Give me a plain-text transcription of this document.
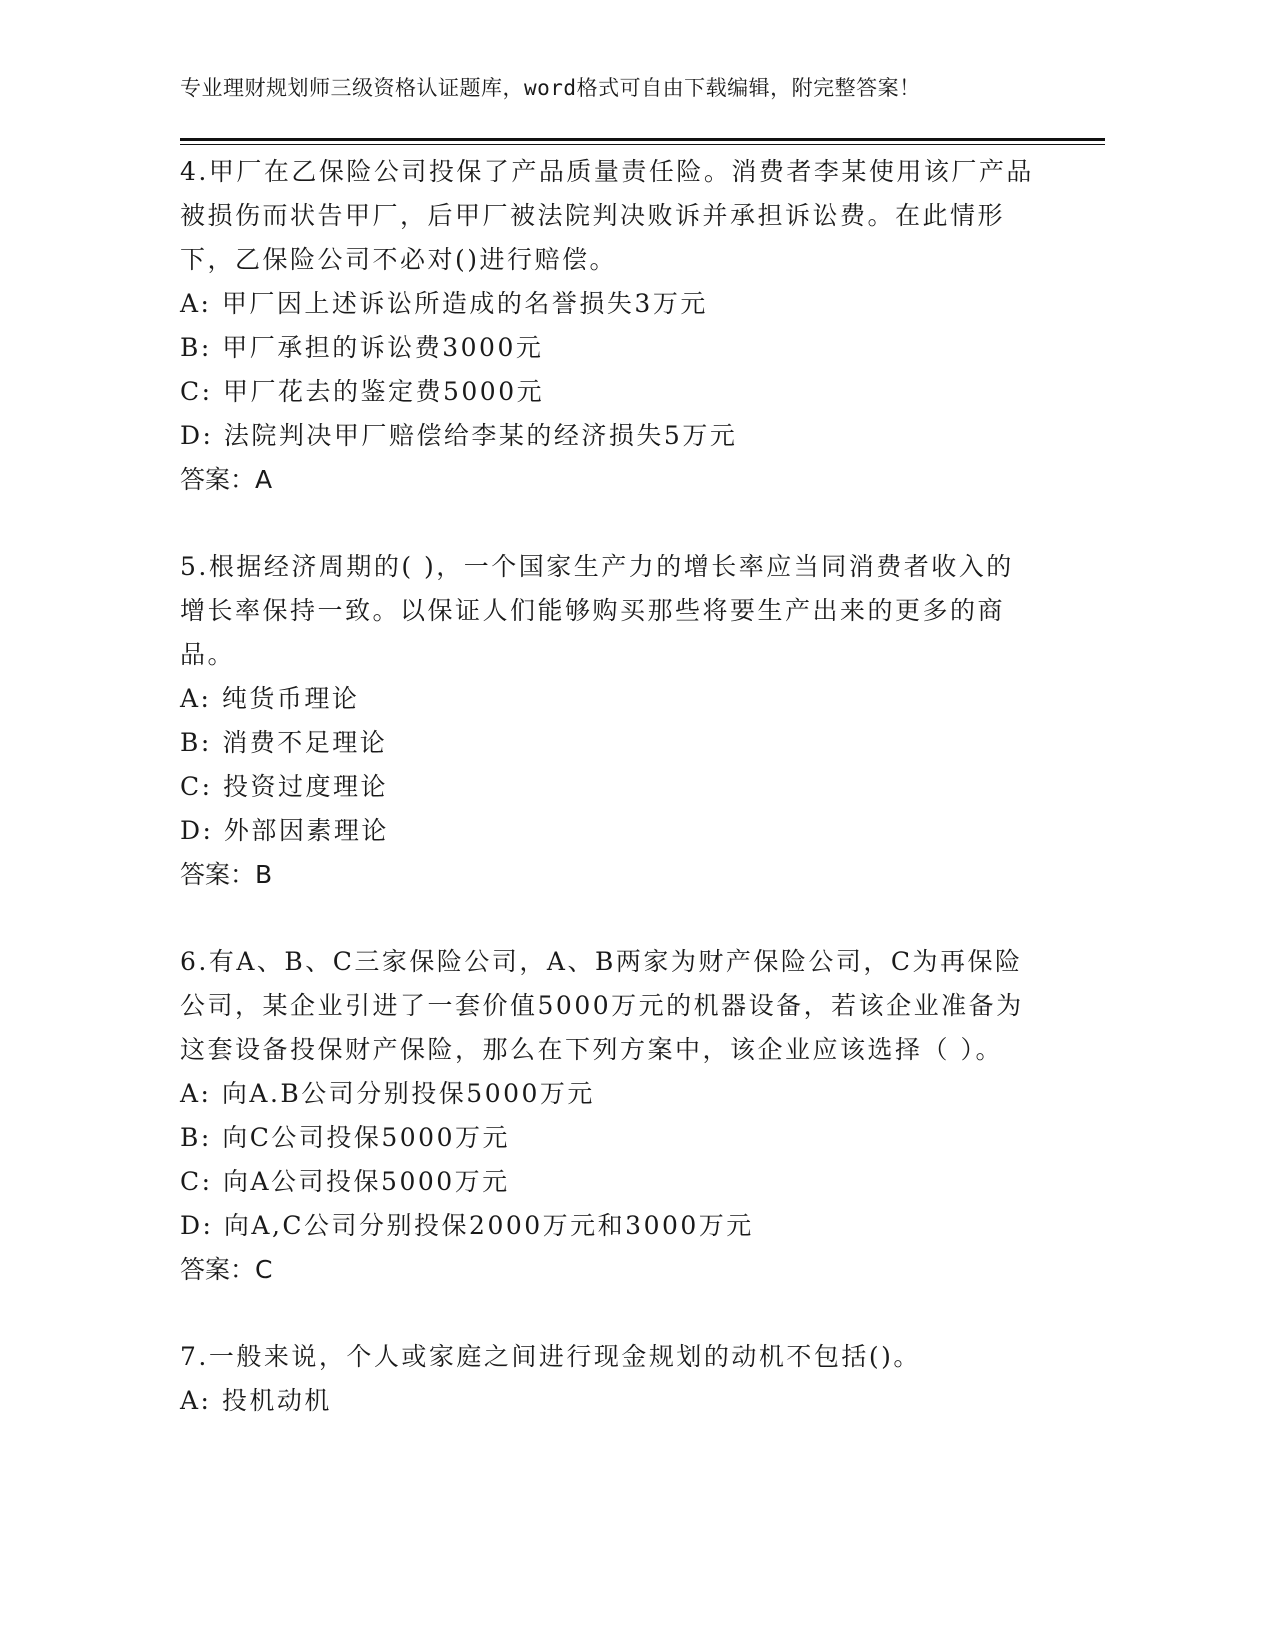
专业理财规划师三级资格认证题库，word格式可自由下载编辑，附完整答案！

4.甲厂在乙保险公司投保了产品质量责任险。消费者李某使用该厂产品被损伤而状告甲厂，后甲厂被法院判决败诉并承担诉讼费。在此情形下，乙保险公司不必对()进行赔偿。

A: 甲厂因上述诉讼所造成的名誉损失3万元

B: 甲厂承担的诉讼费3000元

C: 甲厂花去的鉴定费5000元

D: 法院判决甲厂赔偿给李某的经济损失5万元

答案：A

5.根据经济周期的( )，一个国家生产力的增长率应当同消费者收入的增长率保持一致。以保证人们能够购买那些将要生产出来的更多的商品。

A: 纯货币理论

B: 消费不足理论

C: 投资过度理论

D: 外部因素理论

答案：B

6.有A、B、C三家保险公司，A、B两家为财产保险公司，C为再保险公司，某企业引进了一套价值5000万元的机器设备，若该企业准备为这套设备投保财产保险，那么在下列方案中，该企业应该选择（ ）。

A: 向A.B公司分别投保5000万元

B: 向C公司投保5000万元

C: 向A公司投保5000万元

D: 向A,C公司分别投保2000万元和3000万元

答案：C

7.一般来说，个人或家庭之间进行现金规划的动机不包括()。

A: 投机动机
